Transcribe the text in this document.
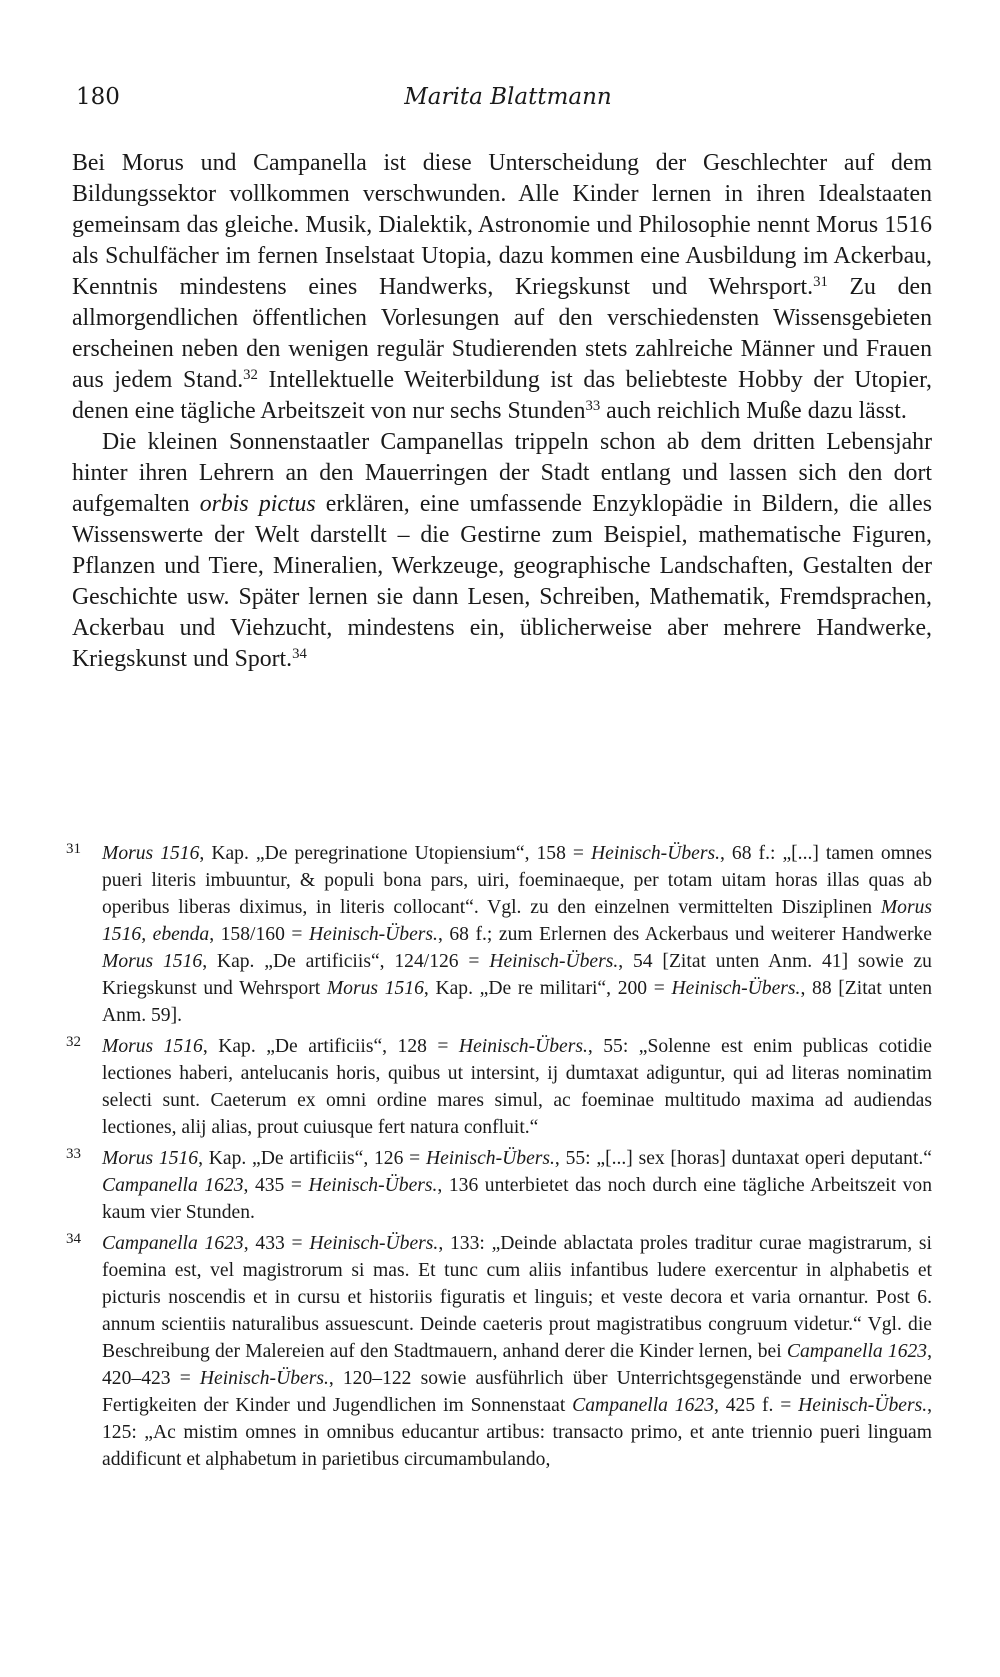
180	Marita Blattmann

Bei Morus und Campanella ist diese Unterscheidung der Geschlechter auf dem Bildungssektor vollkommen verschwunden. Alle Kinder lernen in ihren Idealstaaten gemeinsam das gleiche. Musik, Dialektik, Astronomie und Philosophie nennt Morus 1516 als Schulfächer im fernen Inselstaat Utopia, dazu kommen eine Ausbildung im Ackerbau, Kenntnis mindestens eines Handwerks, Kriegskunst und Wehrsport.$^{31}$ Zu den allmorgendlichen öffentlichen Vorlesungen auf den verschiedensten Wissensgebieten erscheinen neben den wenigen regulär Studierenden stets zahlreiche Männer und Frauen aus jedem Stand.$^{32}$ Intellektuelle Weiterbildung ist das beliebteste Hobby der Utopier, denen eine tägliche Arbeitszeit von nur sechs Stunden$^{33}$ auch reichlich Muße dazu lässt.

Die kleinen Sonnenstaatler Campanellas trippeln schon ab dem dritten Lebensjahr hinter ihren Lehrern an den Mauerringen der Stadt entlang und lassen sich den dort aufgemalten orbis pictus erklären, eine umfassende Enzyklopädie in Bildern, die alles Wissenswerte der Welt darstellt – die Gestirne zum Beispiel, mathematische Figuren, Pflanzen und Tiere, Mineralien, Werkzeuge, geographische Landschaften, Gestalten der Geschichte usw. Später lernen sie dann Lesen, Schreiben, Mathematik, Fremdsprachen, Ackerbau und Viehzucht, mindestens ein, üblicherweise aber mehrere Handwerke, Kriegskunst und Sport.$^{34}$

31 Morus 1516, Kap. „De peregrinatione Utopiensium“, 158 = Heinisch-Übers., 68 f.: „[...] tamen omnes pueri literis imbuuntur, & populi bona pars, uiri, foeminaeque, per totam uitam horas illas quas ab operibus liberas diximus, in literis collocant“. Vgl. zu den einzelnen vermittelten Disziplinen Morus 1516, ebenda, 158/160 = Heinisch-Übers., 68 f.; zum Erlernen des Ackerbaus und weiterer Handwerke Morus 1516, Kap. „De artificiis“, 124/126 = Heinisch-Übers., 54 [Zitat unten Anm. 41] sowie zu Kriegskunst und Wehrsport Morus 1516, Kap. „De re militari“, 200 = Heinisch-Übers., 88 [Zitat unten Anm. 59].
32 Morus 1516, Kap. „De artificiis“, 128 = Heinisch-Übers., 55: „Solenne est enim publicas cotidie lectiones haberi, antelucanis horis, quibus ut intersint, ij dumtaxat adiguntur, qui ad literas nominatim selecti sunt. Caeterum ex omni ordine mares simul, ac foeminae multitudo maxima ad audiendas lectiones, alij alias, prout cuiusque fert natura confluit.“
33 Morus 1516, Kap. „De artificiis“, 126 = Heinisch-Übers., 55: „[...] sex [horas] duntaxat operi deputant.“ Campanella 1623, 435 = Heinisch-Übers., 136 unterbietet das noch durch eine tägliche Arbeitszeit von kaum vier Stunden.
34 Campanella 1623, 433 = Heinisch-Übers., 133: „Deinde ablactata proles traditur curae magistrarum, si foemina est, vel magistrorum si mas. Et tunc cum aliis infantibus ludere exercentur in alphabetis et picturis noscendis et in cursu et historiis figuratis et linguis; et veste decora et varia ornantur. Post 6. annum scientiis naturalibus assuescunt. Deinde caeteris prout magistratibus congruum videtur.“ Vgl. die Beschreibung der Malereien auf den Stadtmauern, anhand derer die Kinder lernen, bei Campanella 1623, 420–423 = Heinisch-Übers., 120–122 sowie ausführlich über Unterrichtsgegenstände und erworbene Fertigkeiten der Kinder und Jugendlichen im Sonnenstaat Campanella 1623, 425 f. = Heinisch-Übers., 125: „Ac mistim omnes in omnibus educantur artibus: transacto primo, et ante triennio pueri linguam addificunt et alphabetum in parietibus circumambulando,
